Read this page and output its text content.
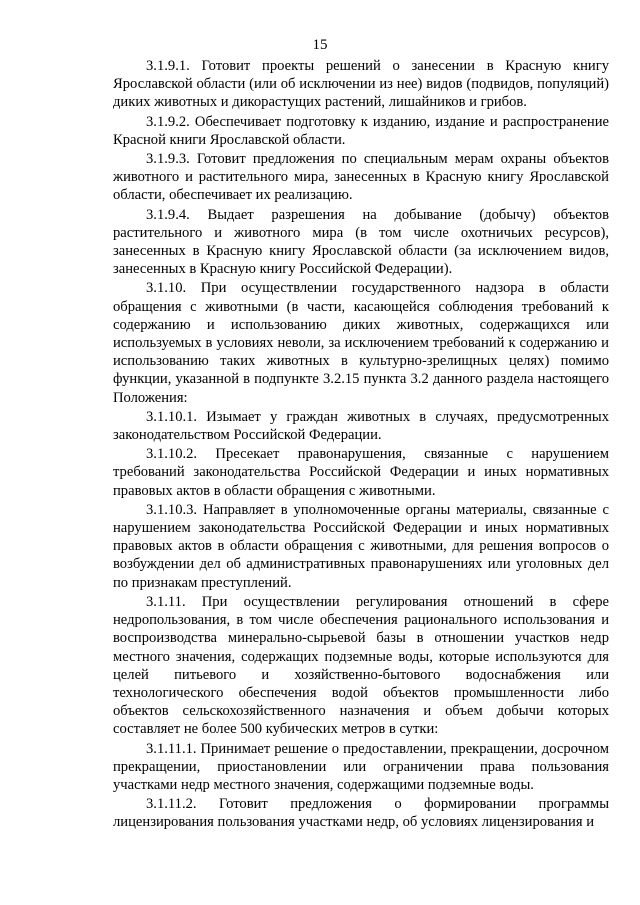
15

3.1.9.1. Готовит проекты решений о занесении в Красную книгу Ярославской области (или об исключении из нее) видов (подвидов, популяций) диких животных и дикорастущих растений, лишайников и грибов.

3.1.9.2. Обеспечивает подготовку к изданию, издание и распространение Красной книги Ярославской области.

3.1.9.3. Готовит предложения по специальным мерам охраны объектов животного и растительного мира, занесенных в Красную книгу Ярославской области, обеспечивает их реализацию.

3.1.9.4. Выдает разрешения на добывание (добычу) объектов растительного и животного мира (в том числе охотничьих ресурсов), занесенных в Красную книгу Ярославской области (за исключением видов, занесенных в Красную книгу Российской Федерации).

3.1.10. При осуществлении государственного надзора в области обращения с животными (в части, касающейся соблюдения требований к содержанию и использованию диких животных, содержащихся или используемых в условиях неволи, за исключением требований к содержанию и использованию таких животных в культурно-зрелищных целях) помимо функции, указанной в подпункте 3.2.15 пункта 3.2 данного раздела настоящего Положения:

3.1.10.1. Изымает у граждан животных в случаях, предусмотренных законодательством Российской Федерации.

3.1.10.2. Пресекает правонарушения, связанные с нарушением требований законодательства Российской Федерации и иных нормативных правовых актов в области обращения с животными.

3.1.10.3. Направляет в уполномоченные органы материалы, связанные с нарушением законодательства Российской Федерации и иных нормативных правовых актов в области обращения с животными, для решения вопросов о возбуждении дел об административных правонарушениях или уголовных дел по признакам преступлений.

3.1.11. При осуществлении регулирования отношений в сфере недропользования, в том числе обеспечения рационального использования и воспроизводства минерально-сырьевой базы в отношении участков недр местного значения, содержащих подземные воды, которые используются для целей питьевого и хозяйственно-бытового водоснабжения или технологического обеспечения водой объектов промышленности либо объектов сельскохозяйственного назначения и объем добычи которых составляет не более 500 кубических метров в сутки:

3.1.11.1. Принимает решение о предоставлении, прекращении, досрочном прекращении, приостановлении или ограничении права пользования участками недр местного значения, содержащими подземные воды.

3.1.11.2. Готовит предложения о формировании программы лицензирования пользования участками недр, об условиях лицензирования и
